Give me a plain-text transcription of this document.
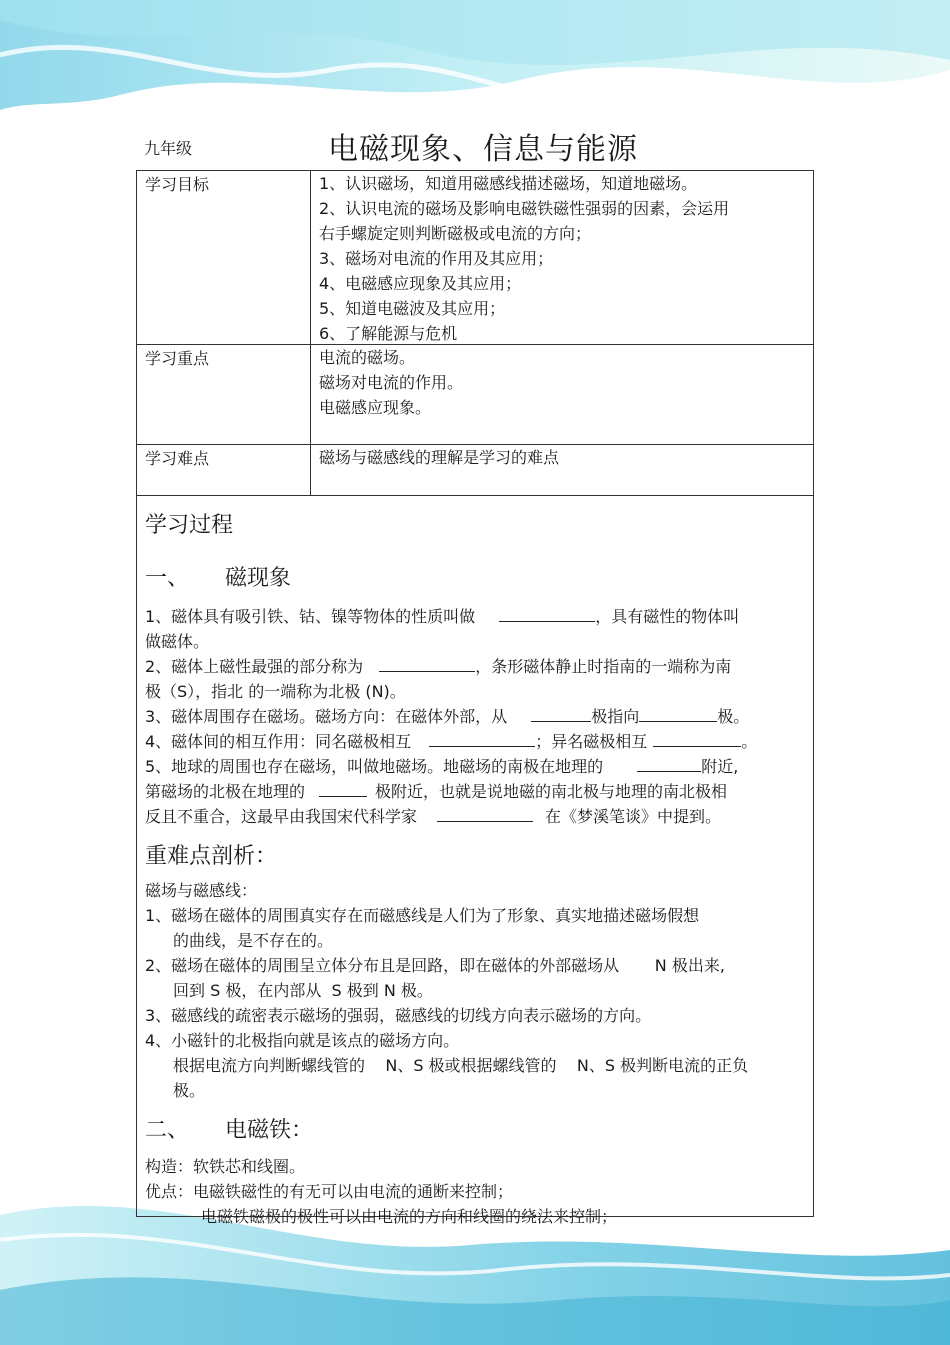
九年级	电磁现象、信息与能源
学习目标	1、认识磁场，知道用磁感线描述磁场，知道地磁场。
2、认识电流的磁场及影响电磁铁磁性强弱的因素，会运用
右手螺旋定则判断磁极或电流的方向；
3、磁场对电流的作用及其应用；
4、电磁感应现象及其应用；
5、知道电磁波及其应用；
6、了解能源与危机
学习重点	电流的磁场。
磁场对电流的作用。
电磁感应现象。
学习难点	磁场与磁感线的理解是学习的难点
学习过程
一、 磁现象
1、磁体具有吸引铁、钴、镍等物体的性质叫做	，具有磁性的物体叫
做磁体。
2、磁体上磁性最强的部分称为	，条形磁体静止时指南的一端称为南
极（S），指北 的一端称为北极 (N)。
3、磁体周围存在磁场。磁场方向：在磁体外部，从	极指向	极。
4、磁体间的相互作用：同名磁极相互	；异名磁极相互	。
5、地球的周围也存在磁场，叫做地磁场。地磁场的南极在地理的	附近,
第磁场的北极在地理的	极附近，也就是说地磁的南北极与地理的南北极相
反且不重合，这最早由我国宋代科学家	在《梦溪笔谈》中提到。
重难点剖析：
磁场与磁感线：
1、磁场在磁体的周围真实存在而磁感线是人们为了形象、真实地描述磁场假想
的曲线，是不存在的。
2、磁场在磁体的周围呈立体分布且是回路，即在磁体的外部磁场从       N 极出来,
回到 S 极，在内部从  S 极到 N 极。
3、磁感线的疏密表示磁场的强弱，磁感线的切线方向表示磁场的方向。
4、小磁针的北极指向就是该点的磁场方向。
根据电流方向判断螺线管的    N、S 极或根据螺线管的    N、S 极判断电流的正负
极。
二、 电磁铁：
构造：软铁芯和线圈。
优点：电磁铁磁性的有无可以由电流的通断来控制；
电磁铁磁极的极性可以由电流的方向和线圈的绕法来控制；
